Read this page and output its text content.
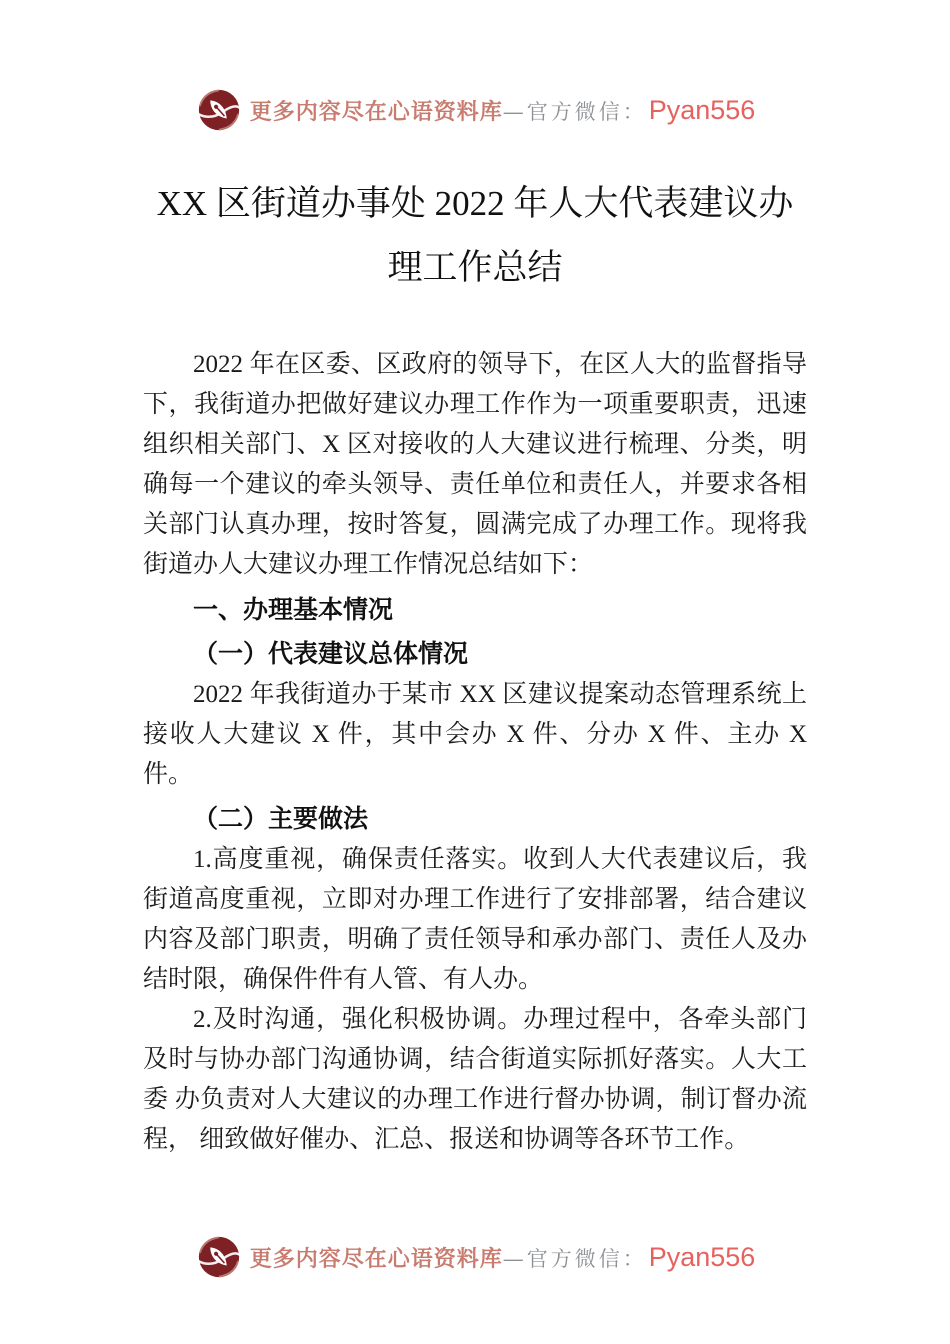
更多内容尽在心语资料库—官方微信：Pyan556
XX 区街道办事处 2022 年人大代表建议办
理工作总结

2022 年在区委、区政府的领导下，在区人大的监督指导下，我街道办把做好建议办理工作作为一项重要职责，迅速组织相关部门、X 区对接收的人大建议进行梳理、分类，明确每一个建议的牵头领导、责任单位和责任人，并要求各相关部门认真办理，按时答复，圆满完成了办理工作。现将我街道办人大建议办理工作情况总结如下：

一、办理基本情况
（一）代表建议总体情况

2022 年我街道办于某市 XX 区建议提案动态管理系统上接收人大建议 X 件，其中会办 X 件、分办 X 件、主办 X 件。

（二）主要做法

1.高度重视，确保责任落实。收到人大代表建议后，我街道高度重视，立即对办理工作进行了安排部署，结合建议内容及部门职责，明确了责任领导和承办部门、责任人及办结时限，确保件件有人管、有人办。

2.及时沟通，强化积极协调。办理过程中，各牵头部门及时与协办部门沟通协调，结合街道实际抓好落实。人大工委 办负责对人大建议的办理工作进行督办协调，制订督办流程， 细致做好催办、汇总、报送和协调等各环节工作。

更多内容尽在心语资料库—官方微信：Pyan556
